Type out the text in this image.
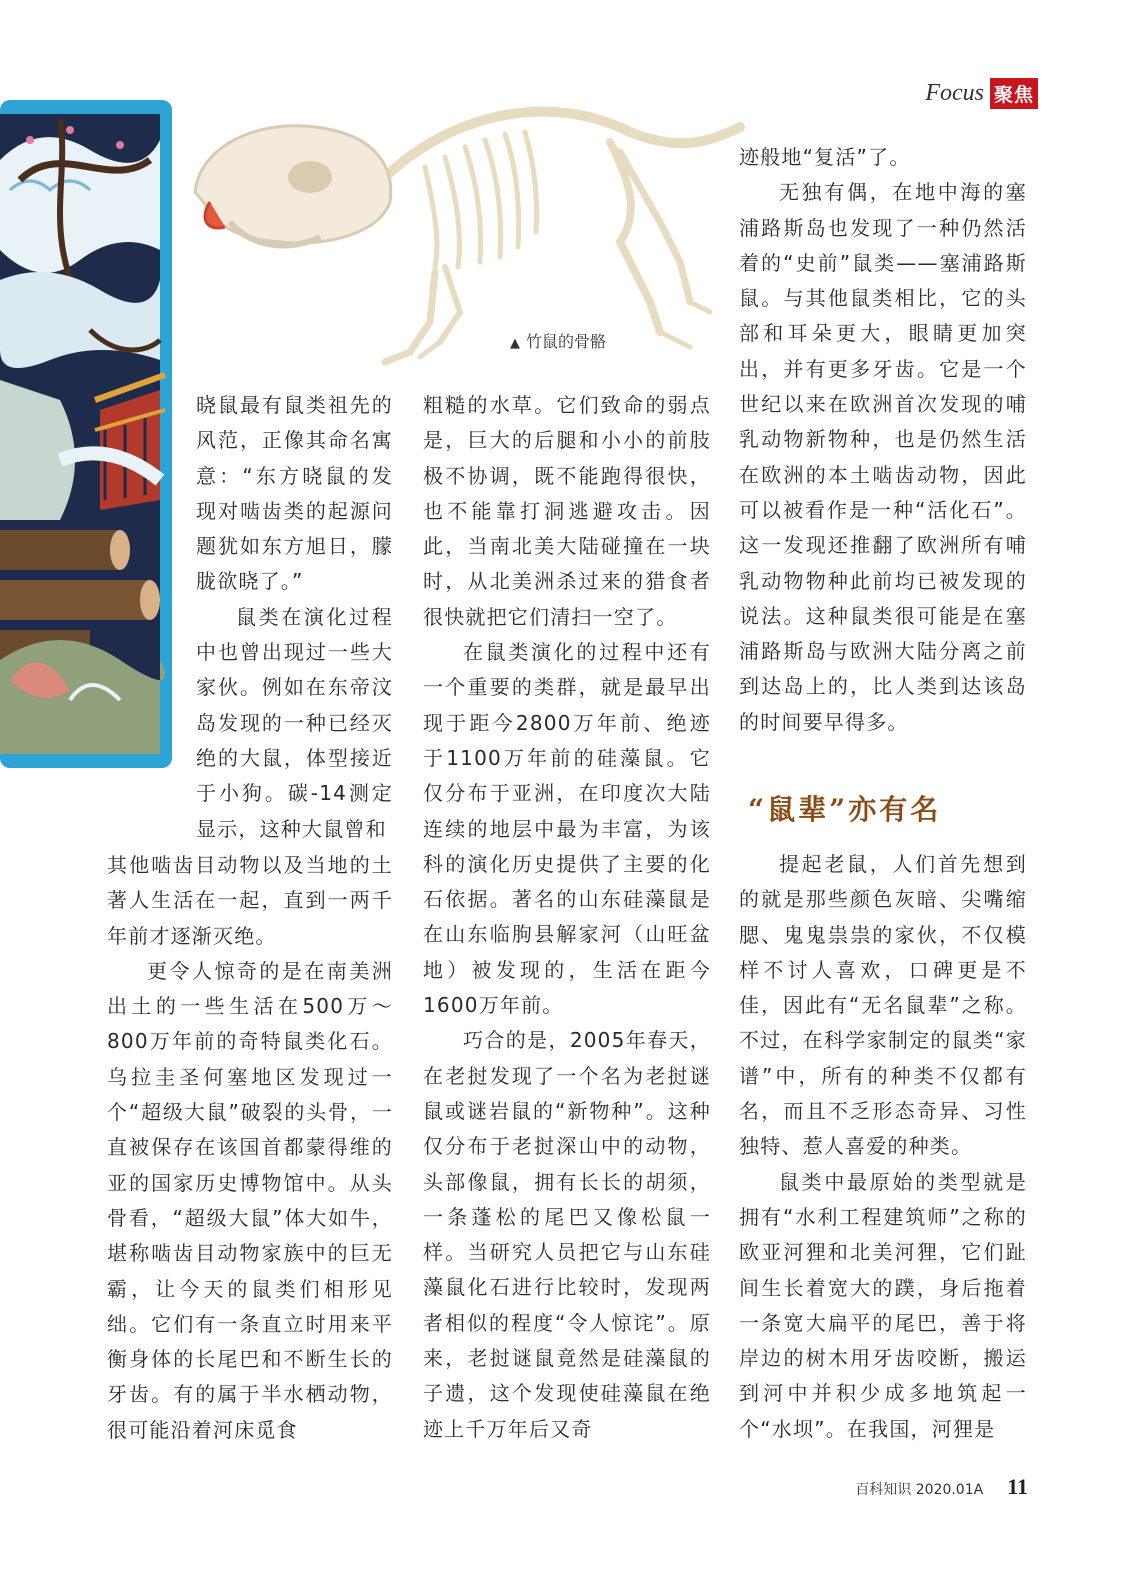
Focus 聚焦
▲ 竹鼠的骨骼

晓鼠最有鼠类祖先的风范，正像其命名寓意：“东方晓鼠的发现对啮齿类的起源问题犹如东方旭日，朦胧欲晓了。”

鼠类在演化过程中也曾出现过一些大家伙。例如在东帝汶岛发现的一种已经灭绝的大鼠，体型接近于小狗。碳-14测定显示，这种大鼠曾和

其他啮齿目动物以及当地的土著人生活在一起，直到一两千年前才逐渐灭绝。

更令人惊奇的是在南美洲出土的一些生活在500万～800万年前的奇特鼠类化石。乌拉圭圣何塞地区发现过一个“超级大鼠”破裂的头骨，一直被保存在该国首都蒙得维的亚的国家历史博物馆中。从头骨看，“超级大鼠”体大如牛，堪称啮齿目动物家族中的巨无霸，让今天的鼠类们相形见绌。它们有一条直立时用来平衡身体的长尾巴和不断生长的牙齿。有的属于半水栖动物，很可能沿着河床觅食

粗糙的水草。它们致命的弱点是，巨大的后腿和小小的前肢极不协调，既不能跑得很快，也不能靠打洞逃避攻击。因此，当南北美大陆碰撞在一块时，从北美洲杀过来的猎食者很快就把它们清扫一空了。

在鼠类演化的过程中还有一个重要的类群，就是最早出现于距今2800万年前、绝迹于1100万年前的硅藻鼠。它仅分布于亚洲，在印度次大陆连续的地层中最为丰富，为该科的演化历史提供了主要的化石依据。著名的山东硅藻鼠是在山东临朐县解家河（山旺盆地）被发现的，生活在距今1600万年前。

巧合的是，2005年春天，在老挝发现了一个名为老挝谜鼠或谜岩鼠的“新物种”。这种仅分布于老挝深山中的动物，头部像鼠，拥有长长的胡须，一条蓬松的尾巴又像松鼠一样。当研究人员把它与山东硅藻鼠化石进行比较时，发现两者相似的程度“令人惊诧”。原来，老挝谜鼠竟然是硅藻鼠的子遗，这个发现使硅藻鼠在绝迹上千万年后又奇

迹般地“复活”了。

无独有偶，在地中海的塞浦路斯岛也发现了一种仍然活着的“史前”鼠类——塞浦路斯鼠。与其他鼠类相比，它的头部和耳朵更大，眼睛更加突出，并有更多牙齿。它是一个世纪以来在欧洲首次发现的哺乳动物新物种，也是仍然生活在欧洲的本土啮齿动物，因此可以被看作是一种“活化石”。这一发现还推翻了欧洲所有哺乳动物物种此前均已被发现的说法。这种鼠类很可能是在塞浦路斯岛与欧洲大陆分离之前到达岛上的，比人类到达该岛的时间要早得多。

“鼠辈”亦有名

提起老鼠，人们首先想到的就是那些颜色灰暗、尖嘴缩腮、鬼鬼祟祟的家伙，不仅模样不讨人喜欢，口碑更是不佳，因此有“无名鼠辈”之称。不过，在科学家制定的鼠类“家谱”中，所有的种类不仅都有名，而且不乏形态奇异、习性独特、惹人喜爱的种类。

鼠类中最原始的类型就是拥有“水利工程建筑师”之称的欧亚河狸和北美河狸，它们趾间生长着宽大的蹼，身后拖着一条宽大扁平的尾巴，善于将岸边的树木用牙齿咬断，搬运到河中并积少成多地筑起一个“水坝”。在我国，河狸是

百科知识 2020.01A 11
